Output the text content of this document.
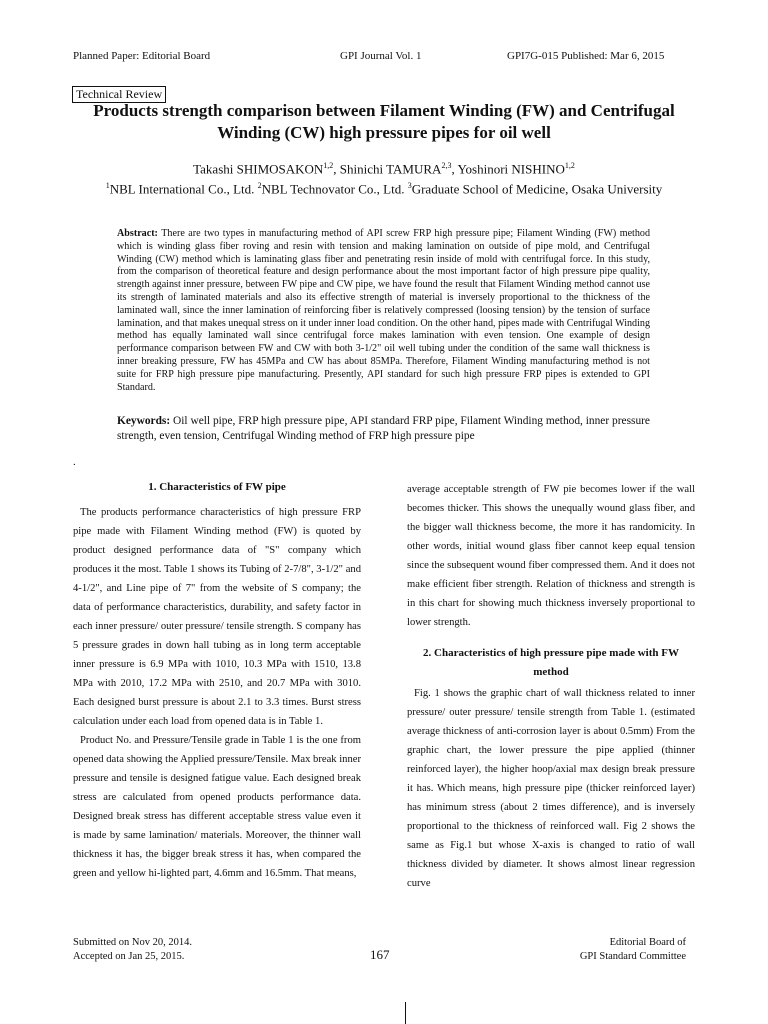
Planned Paper: Editorial Board	GPI Journal Vol. 1	GPI7G-015 Published: Mar 6, 2015
Technical Review
Products strength comparison between Filament Winding (FW) and Centrifugal Winding (CW) high pressure pipes for oil well
Takashi SHIMOSAKON$^{1,2}$, Shinichi TAMURA$^{2,3}$, Yoshinori NISHINO$^{1,2}$
$^1$NBL International Co., Ltd. $^2$NBL Technovator Co., Ltd. $^3$Graduate School of Medicine, Osaka University
Abstract: There are two types in manufacturing method of API screw FRP high pressure pipe; Filament Winding (FW) method which is winding glass fiber roving and resin with tension and making lamination on outside of pipe mold, and Centrifugal Winding (CW) method which is laminating glass fiber and penetrating resin inside of mold with centrifugal force. In this study, from the comparison of theoretical feature and design performance about the most important factor of high pressure pipe quality, strength against inner pressure, between FW pipe and CW pipe, we have found the result that Filament Winding method cannot use its strength of laminated materials and also its effective strength of material is inversely proportional to the thickness of the laminated wall, since the inner lamination of reinforcing fiber is relatively compressed (loosing tension) by the tension of surface lamination, and that makes unequal stress on it under inner load condition. On the other hand, pipes made with Centrifugal Winding method has equally laminated wall since centrifugal force makes lamination with even tension. One example of design performance comparison between FW and CW with both 3-1/2" oil well tubing under the condition of the same wall thickness is inner breaking pressure, FW has 45MPa and CW has about 85MPa. Therefore, Filament Winding manufacturing method is not suite for FRP high pressure pipe manufacturing. Presently, API standard for such high pressure FRP pipes is extended to GPI Standard.
Keywords: Oil well pipe, FRP high pressure pipe, API standard FRP pipe, Filament Winding method, inner pressure strength, even tension, Centrifugal Winding method of FRP high pressure pipe
.
1. Characteristics of FW pipe

The products performance characteristics of high pressure FRP pipe made with Filament Winding method (FW) is quoted by product designed performance data of "S" company which produces it the most. Table 1 shows its Tubing of 2-7/8", 3-1/2" and 4-1/2", and Line pipe of 7" from the website of S company; the data of performance characteristics, durability, and safety factor in each inner pressure/ outer pressure/ tensile strength. S company has 5 pressure grades in down hall tubing as in long term acceptable inner pressure is 6.9 MPa with 1010, 10.3 MPa with 1510, 13.8 MPa with 2010, 17.2 MPa with 2510, and 20.7 MPa with 3010. Each designed burst pressure is about 2.1 to 3.3 times. Burst stress calculation under each load from opened data is in Table 1.

Product No. and Pressure/Tensile grade in Table 1 is the one from opened data showing the Applied pressure/Tensile. Max break inner pressure and tensile is designed fatigue value. Each designed break stress are calculated from opened products performance data. Designed break stress has different acceptable stress value even it is made by same lamination/ materials. Moreover, the thinner wall thickness it has, the bigger break stress it has, when compared the green and yellow hi-lighted part, 4.6mm and 16.5mm. That means,

average acceptable strength of FW pie becomes lower if the wall becomes thicker. This shows the unequally wound glass fiber, and the bigger wall thickness become, the more it has randomicity. In other words, initial wound glass fiber cannot keep equal tension since the subsequent wound fiber compressed them. And it does not make efficient fiber strength. Relation of thickness and strength is in this chart for showing much thickness inversely proportional to lower strength.

2. Characteristics of high pressure pipe made with FW method

Fig. 1 shows the graphic chart of wall thickness related to inner pressure/ outer pressure/ tensile strength from Table 1. (estimated average thickness of anti-corrosion layer is about 0.5mm) From the graphic chart, the lower pressure the pipe applied (thinner reinforced layer), the higher hoop/axial max design break pressure it has. Which means, high pressure pipe (thicker reinforced layer) has minimum stress (about 2 times difference), and is inversely proportional to the thickness of reinforced wall. Fig 2 shows the same as Fig.1 but whose X-axis is changed to ratio of wall thickness divided by diameter. It shows almost linear regression curve

Submitted on Nov 20, 2014.
Accepted on Jan 25, 2015.	167
Editorial Board of
GPI Standard Committee
